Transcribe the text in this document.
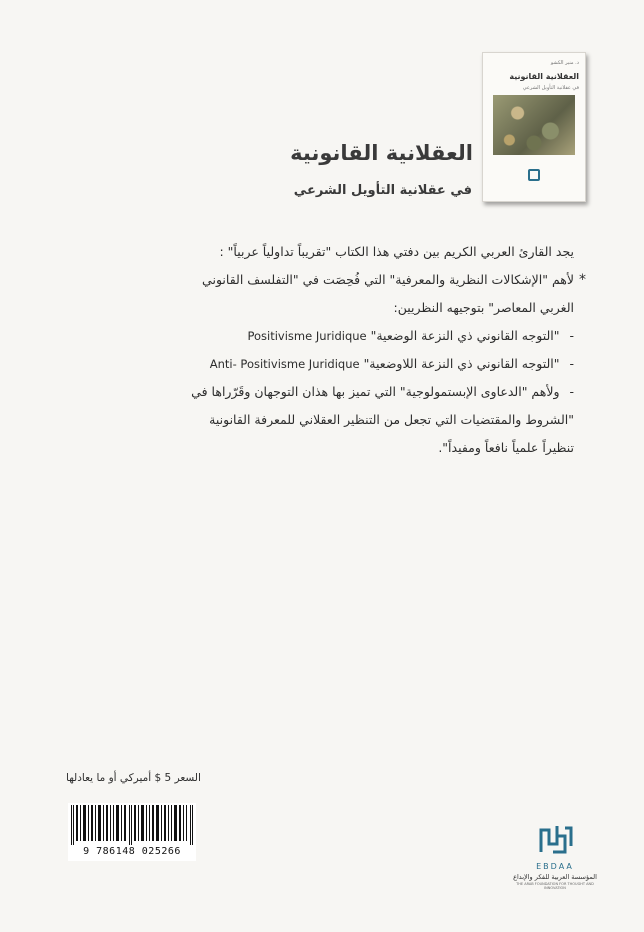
د. منير الكشو
العقلانية القانونية
في عقلانية التأويل الشرعي
العقلانية القانونية
في عقلانية التأويل الشرعي
يجد القارئ العربي الكريم بين دفتي هذا الكتاب "تقريباً تداولياً عربياً" :
*
لأهم "الإشكالات النظرية والمعرفية" التي فُحِصَت في "التفلسف القانوني
الغربي المعاصر" بتوجيهه النظريين:
- "التوجه القانوني ذي النزعة الوضعية" Positivisme Juridique
- "التوجه القانوني ذي النزعة اللاوضعية" Anti- Positivisme Juridique
- ولأهم "الدعاوى الإبستمولوجية" التي تميز بها هذان التوجهان وقَرّراها في
"الشروط والمقتضيات التي تجعل من التنظير العقلاني للمعرفة القانونية
تنظيراً علمياً نافعاً ومفيداً".
السعر 5 $ أميركي أو ما يعادلها
9 786148 025266
EBDAA
المؤسسة العربية للفكر والإبداع
THE ARAB FOUNDATION FOR THOUGHT AND INNOVATION
